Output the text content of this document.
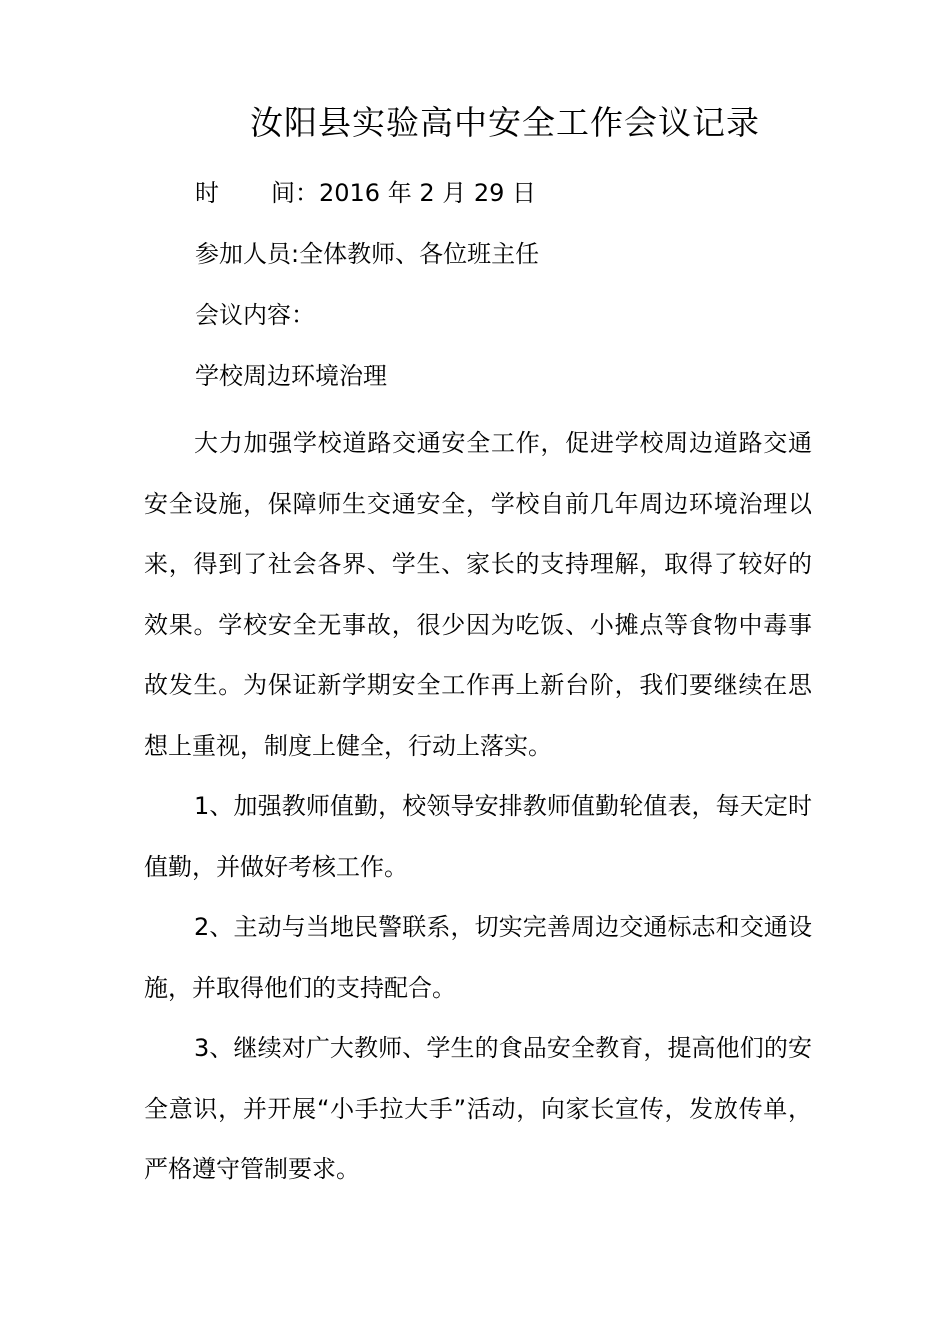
汝阳县实验高中安全工作会议记录
时 间：2016 年 2 月 29 日
参加人员:全体教师、各位班主任
会议内容：
学校周边环境治理

大力加强学校道路交通安全工作，促进学校周边道路交通安全设施，保障师生交通安全，学校自前几年周边环境治理以来，得到了社会各界、学生、家长的支持理解，取得了较好的效果。学校安全无事故，很少因为吃饭、小摊点等食物中毒事故发生。为保证新学期安全工作再上新台阶，我们要继续在思想上重视，制度上健全，行动上落实。

1、加强教师值勤，校领导安排教师值勤轮值表，每天定时值勤，并做好考核工作。

2、主动与当地民警联系，切实完善周边交通标志和交通设施，并取得他们的支持配合。

3、继续对广大教师、学生的食品安全教育，提高他们的安全意识，并开展“小手拉大手”活动，向家长宣传，发放传单，严格遵守管制要求。
